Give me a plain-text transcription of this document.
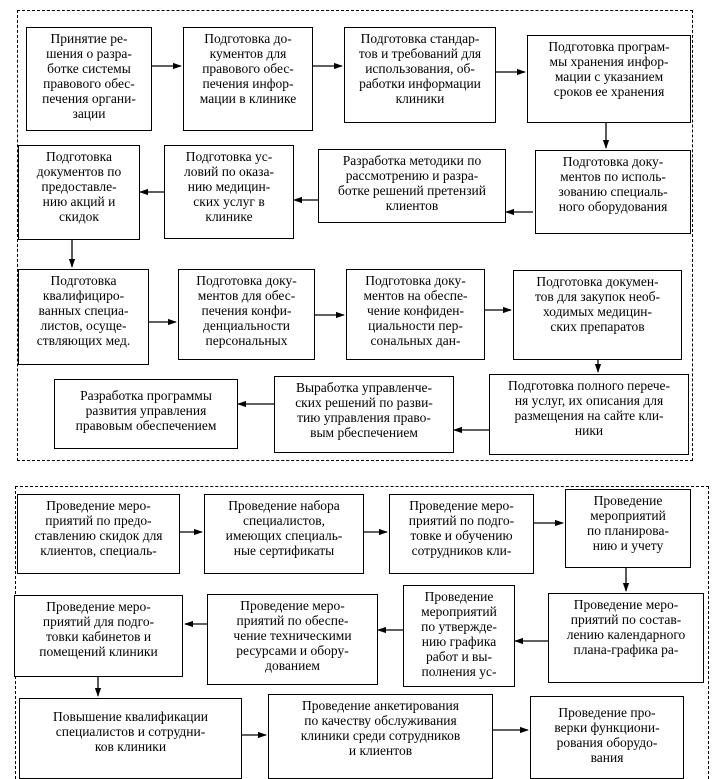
Принятие ре-
шения о разра-
ботке системы
правового обес-
печения органи-
зации
Подготовка до-
кументов для
правового обес-
печения инфор-
мации в клинике
Подготовка стандар-
тов и требований для
использования, об-
работки информации
клиники
Подготовка програм-
мы хранения инфор-
мации с указанием
сроков ее хранения
Подготовка доку-
ментов по исполь-
зованию специаль-
ного оборудования
Разработка методики по
рассмотрению и разра-
ботке решений претензий
клиентов
Подготовка ус-
ловий по оказа-
нию медицин-
ских услуг в
клинике
Подготовка
документов по
предоставле-
нию акций и
скидок
Подготовка
квалифициро-
ванных специа-
листов, осуще-
ствляющих мед.
Подготовка доку-
ментов для обес-
печения конфи-
денциальности
персональных
Подготовка доку-
ментов на обеспе-
чение конфиден-
циальности пер-
сональных дан-
Подготовка докумен-
тов для закупок необ-
ходимых медицин-
ских препаратов
Подготовка полного перече-
ня услуг, их описания для
размещения на сайте кли-
ники
Выработка управленче-
ских решений по разви-
тию управления право-
вым рбеспечением
Разработка программы
развития управления
правовым обеспечением
Проведение меро-
приятий по предо-
ставлению скидок для
клиентов, специаль-
Проведение набора
специалистов,
имеющих специаль-
ные сертификаты
Проведение меро-
приятий по подго-
товке и обучению
сотрудников кли-
Проведение
мероприятий
по планирова-
нию и учету
Проведение меро-
приятий по состав-
лению календарного
плана-графика ра-
Проведение
мероприятий
по утвержде-
нию графика
работ и вы-
полнения ус-
Проведение меро-
приятий по обеспе-
чение техническими
ресурсами и обору-
дованием
Проведение меро-
приятий для подго-
товки кабинетов и
помещений клиники
Повышение квалификации
специалистов и сотрудни-
ков клиники
Проведение анкетирования
по качеству обслуживания
клиники среди сотрудников
и клиентов
Проведение про-
верки функциони-
рования оборудо-
вания
